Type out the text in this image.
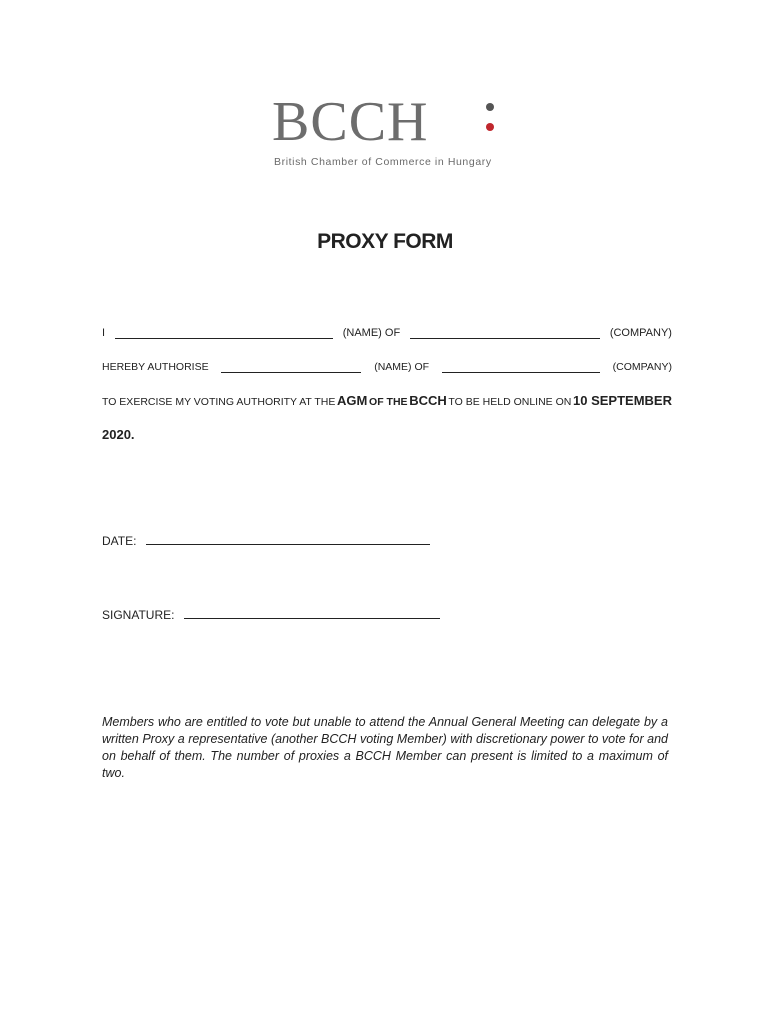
BCCH
British Chamber of Commerce in Hungary
PROXY FORM
I	(NAME) OF	(COMPANY)
HEREBY AUTHORISE	(NAME) OF	(COMPANY)
TO EXERCISE MY VOTING AUTHORITY AT THE AGM OF THE BCCH TO BE HELD ONLINE ON 10 SEPTEMBER
2020.
DATE:
SIGNATURE:
Members who are entitled to vote but unable to attend the Annual General Meeting can delegate by a written Proxy a representative (another BCCH voting Member) with discretionary power to vote for and on behalf of them. The number of proxies a BCCH Member can present is limited to a maximum of two.
